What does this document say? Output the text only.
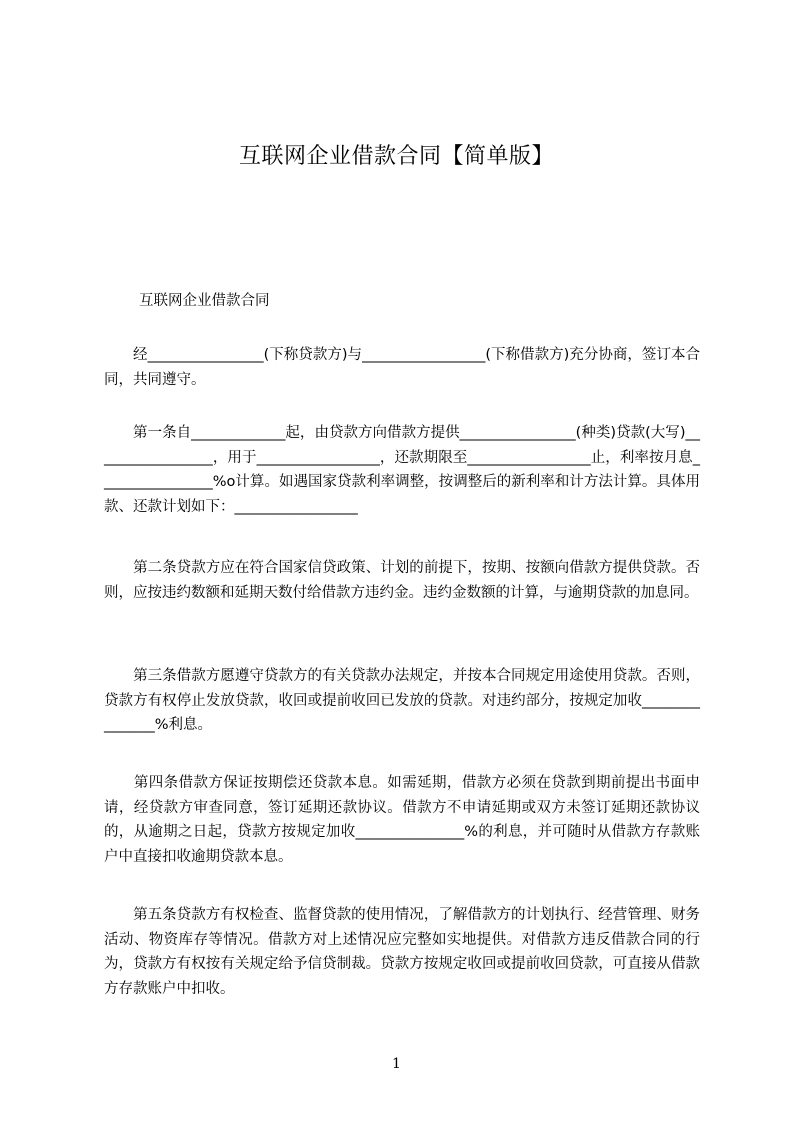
互联网企业借款合同【简单版】

互联网企业借款合同

　　经________________(下称贷款方)与_________________(下称借款方)充分协商，签订本合同，共同遵守。

　　第一条自_____________起，由贷款方向借款方提供________________(种类)贷款(大写)_________________，用于_________________，还款期限至_________________止，利率按月息________________%o计算。如遇国家贷款利率调整，按调整后的新利率和计方法计算。具体用款、还款计划如下：_________________

　　第二条贷款方应在符合国家信贷政策、计划的前提下，按期、按额向借款方提供贷款。否则，应按违约数额和延期天数付给借款方违约金。违约金数额的计算，与逾期贷款的加息同。

　　第三条借款方愿遵守贷款方的有关贷款办法规定，并按本合同规定用途使用贷款。否则，贷款方有权停止发放贷款，收回或提前收回已发放的贷款。对违约部分，按规定加收_______________%利息。

　　第四条借款方保证按期偿还贷款本息。如需延期，借款方必须在贷款到期前提出书面申请，经贷款方审查同意，签订延期还款协议。借款方不申请延期或双方未签订延期还款协议的，从逾期之日起，贷款方按规定加收_______________%的利息，并可随时从借款方存款账户中直接扣收逾期贷款本息。

　　第五条贷款方有权检查、监督贷款的使用情况，了解借款方的计划执行、经营管理、财务活动、物资库存等情况。借款方对上述情况应完整如实地提供。对借款方违反借款合同的行为，贷款方有权按有关规定给予信贷制裁。贷款方按规定收回或提前收回贷款，可直接从借款方存款账户中扣收。

1
